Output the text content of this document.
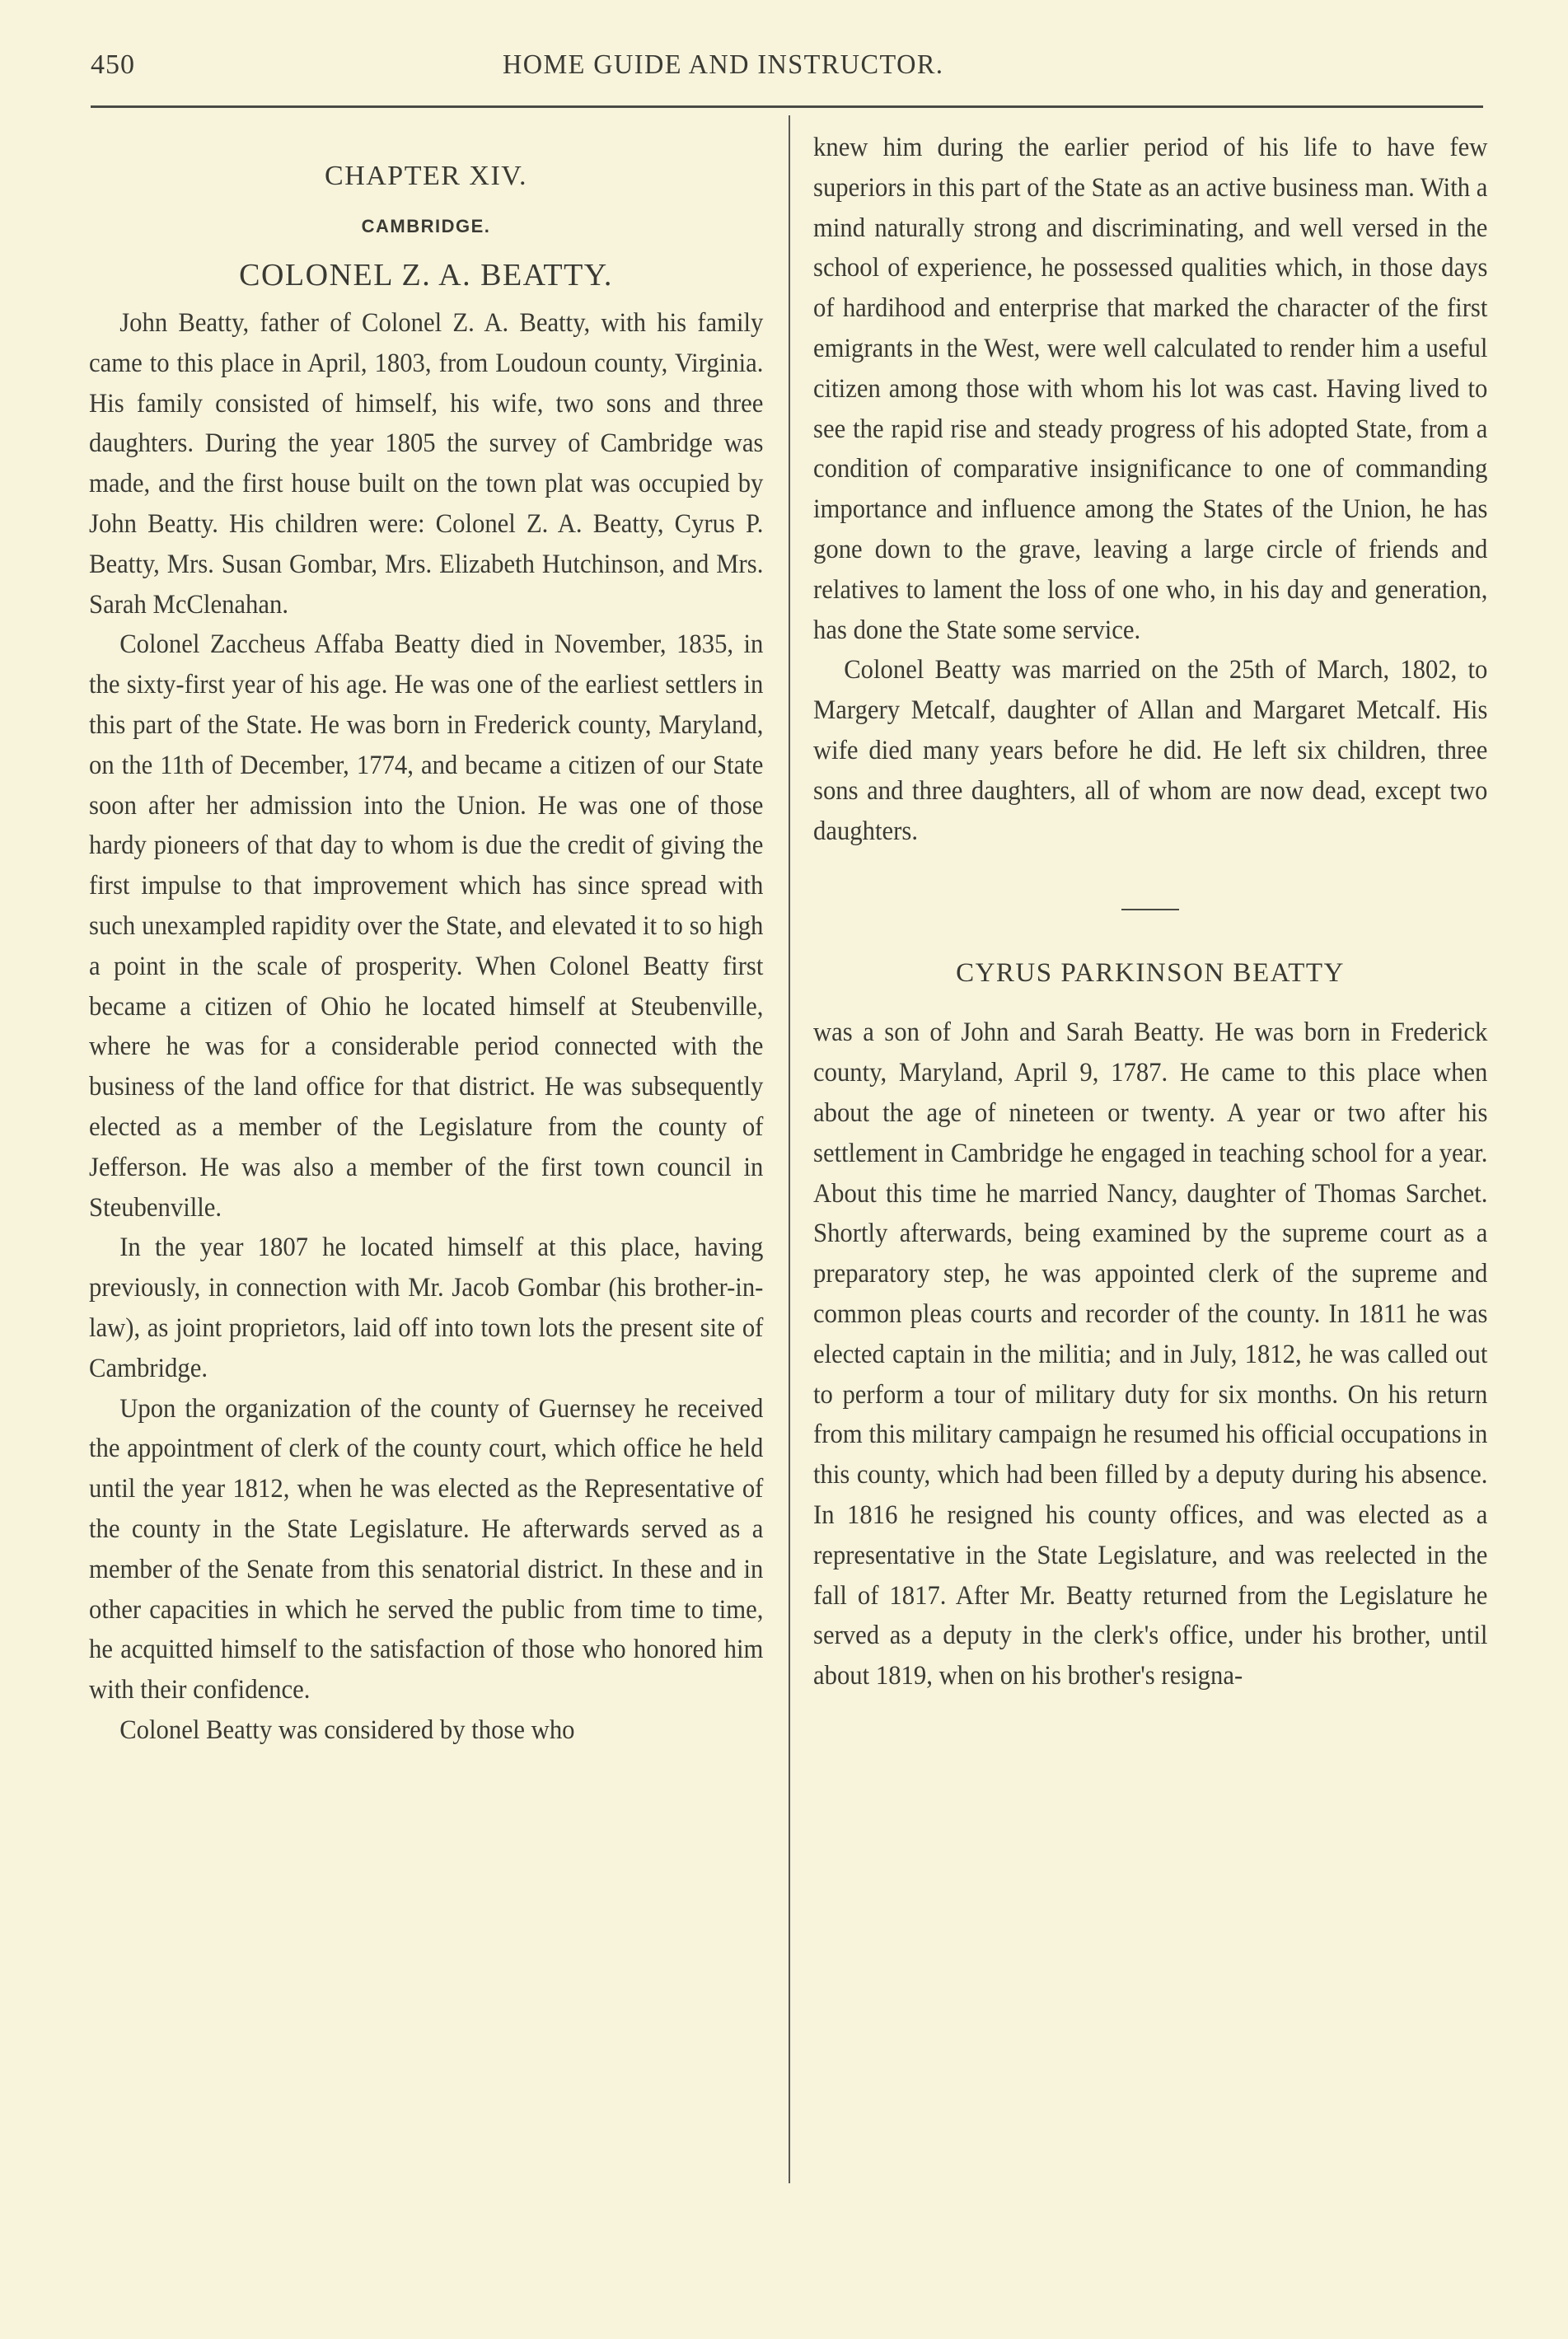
450	HOME GUIDE AND INSTRUCTOR.
CHAPTER XIV.
CAMBRIDGE.
COLONEL Z. A. BEATTY.

John Beatty, father of Colonel Z. A. Beatty, with his family came to this place in April, 1803, from Loudoun county, Virginia. His family consisted of himself, his wife, two sons and three daughters. During the year 1805 the survey of Cambridge was made, and the first house built on the town plat was occupied by John Beatty. His children were: Colonel Z. A. Beatty, Cyrus P. Beatty, Mrs. Susan Gombar, Mrs. Elizabeth Hutchinson, and Mrs. Sarah McClenahan.

Colonel Zaccheus Affaba Beatty died in November, 1835, in the sixty-first year of his age. He was one of the earliest settlers in this part of the State. He was born in Frederick county, Maryland, on the 11th of December, 1774, and became a citizen of our State soon after her admission into the Union. He was one of those hardy pioneers of that day to whom is due the credit of giving the first impulse to that improvement which has since spread with such unexampled rapidity over the State, and elevated it to so high a point in the scale of prosperity. When Colonel Beatty first became a citizen of Ohio he located himself at Steubenville, where he was for a considerable period connected with the business of the land office for that district. He was subsequently elected as a member of the Legislature from the county of Jefferson. He was also a member of the first town council in Steubenville.

In the year 1807 he located himself at this place, having previously, in connection with Mr. Jacob Gombar (his brother-in-law), as joint proprietors, laid off into town lots the present site of Cambridge.

Upon the organization of the county of Guernsey he received the appointment of clerk of the county court, which office he held until the year 1812, when he was elected as the Representative of the county in the State Legislature. He afterwards served as a member of the Senate from this senatorial district. In these and in other capacities in which he served the public from time to time, he acquitted himself to the satisfaction of those who honored him with their confidence.

Colonel Beatty was considered by those who

knew him during the earlier period of his life to have few superiors in this part of the State as an active business man. With a mind naturally strong and discriminating, and well versed in the school of experience, he possessed qualities which, in those days of hardihood and enterprise that marked the character of the first emigrants in the West, were well calculated to render him a useful citizen among those with whom his lot was cast. Having lived to see the rapid rise and steady progress of his adopted State, from a condition of comparative insignificance to one of commanding importance and influence among the States of the Union, he has gone down to the grave, leaving a large circle of friends and relatives to lament the loss of one who, in his day and generation, has done the State some service.

Colonel Beatty was married on the 25th of March, 1802, to Margery Metcalf, daughter of Allan and Margaret Metcalf. His wife died many years before he did. He left six children, three sons and three daughters, all of whom are now dead, except two daughters.

CYRUS PARKINSON BEATTY

was a son of John and Sarah Beatty. He was born in Frederick county, Maryland, April 9, 1787. He came to this place when about the age of nineteen or twenty. A year or two after his settlement in Cambridge he engaged in teaching school for a year. About this time he married Nancy, daughter of Thomas Sarchet. Shortly afterwards, being examined by the supreme court as a preparatory step, he was appointed clerk of the supreme and common pleas courts and recorder of the county. In 1811 he was elected captain in the militia; and in July, 1812, he was called out to perform a tour of military duty for six months. On his return from this military campaign he resumed his official occupations in this county, which had been filled by a deputy during his absence. In 1816 he resigned his county offices, and was elected as a representative in the State Legislature, and was reelected in the fall of 1817. After Mr. Beatty returned from the Legislature he served as a deputy in the clerk's office, under his brother, until about 1819, when on his brother's resigna-
